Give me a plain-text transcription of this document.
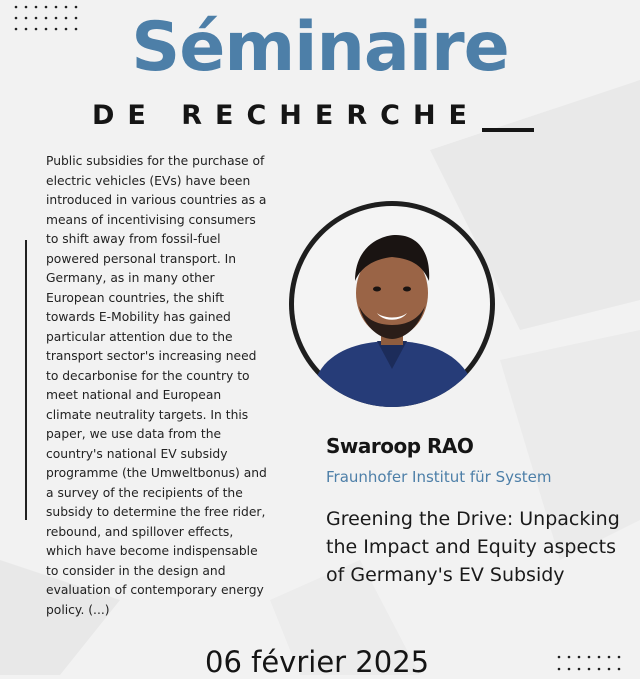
Séminaire
DE RECHERCHE

Public subsidies for the purchase of electric vehicles (EVs) have been introduced in various countries as a means of incentivising consumers to shift away from fossil-fuel powered personal transport. In Germany, as in many other European countries, the shift towards E-Mobility has gained particular attention due to the transport sector's increasing need to decarbonise for the country to meet national and European climate neutrality targets. In this paper, we use data from the country's national EV subsidy programme (the Umweltbonus) and a survey of the recipients of the subsidy to determine the free rider, rebound, and spillover effects, which have become indispensable to consider in the design and evaluation of contemporary energy policy. (...)

Swaroop RAO
Fraunhofer Institut für System
Greening the Drive: Unpacking the Impact and Equity aspects of Germany's EV Subsidy
06 février 2025
